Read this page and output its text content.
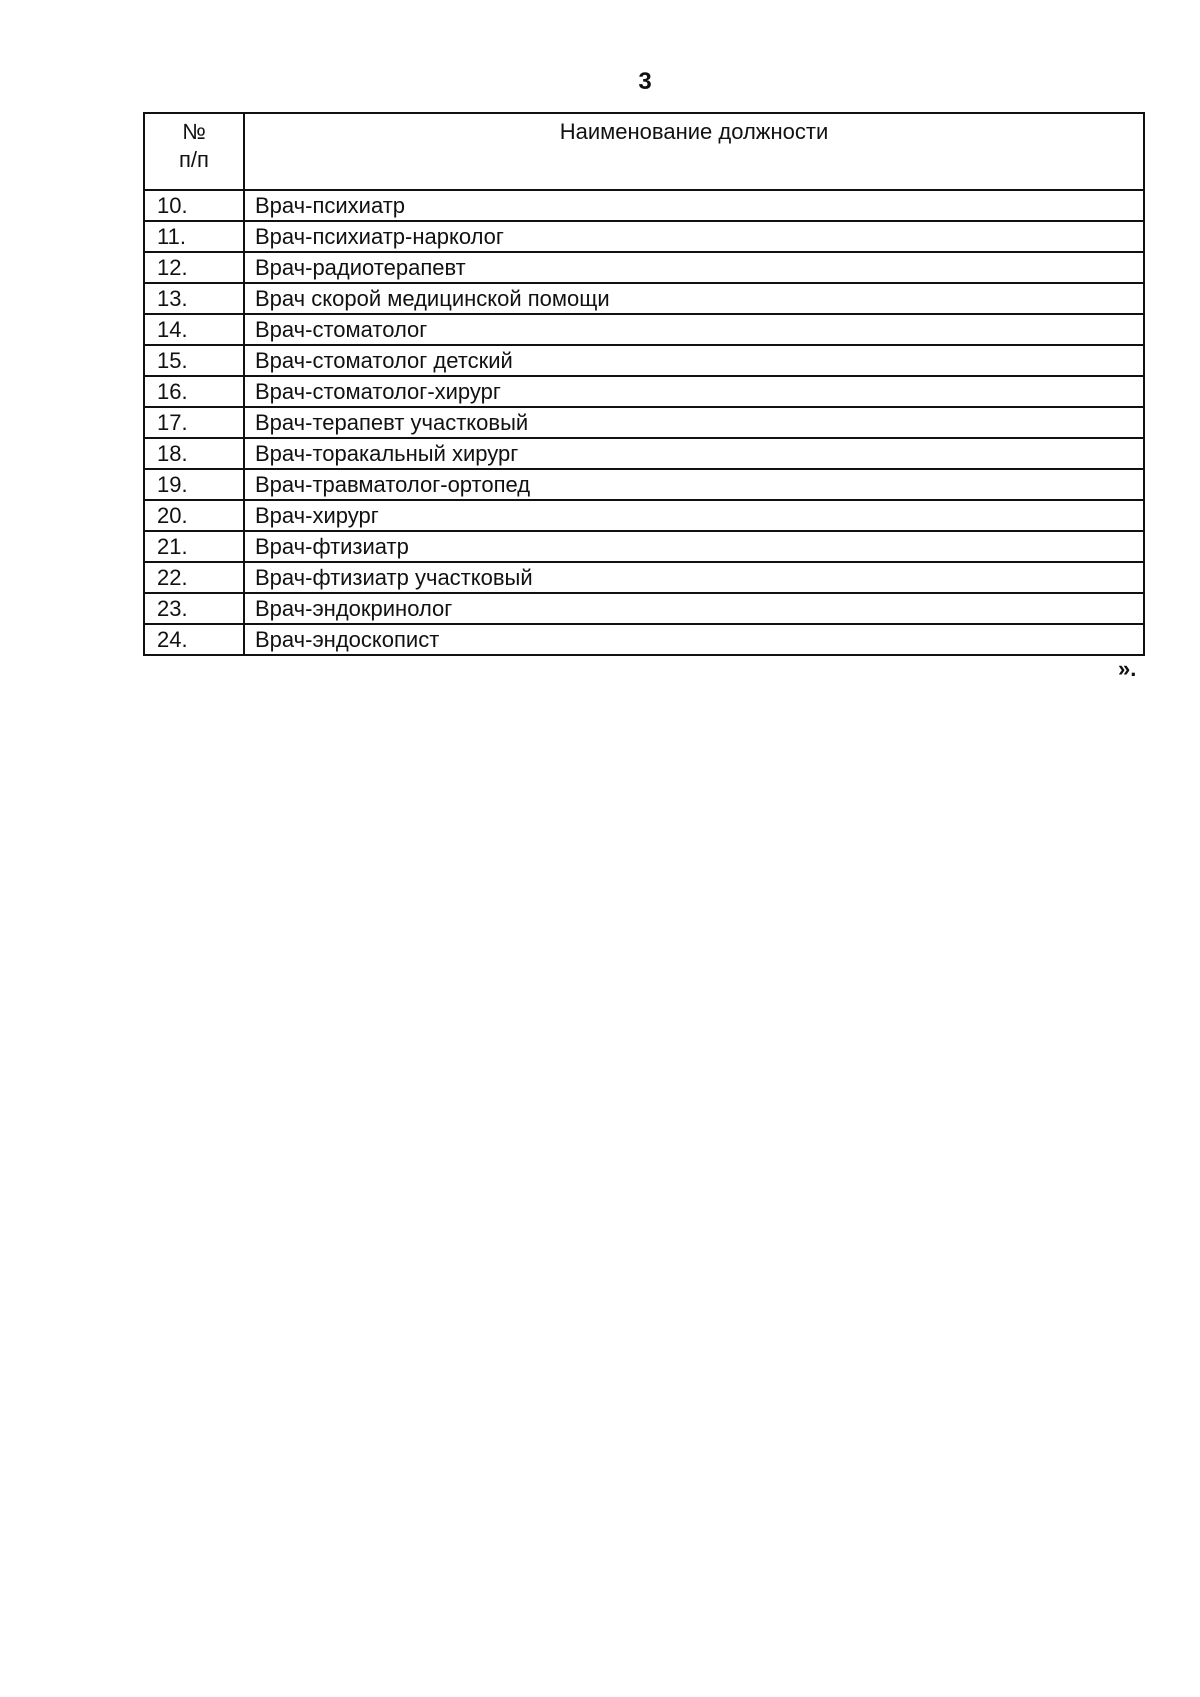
3
№
п/п	Наименование должности
10.	Врач-психиатр
11.	Врач-психиатр-нарколог
12.	Врач-радиотерапевт
13.	Врач скорой медицинской помощи
14.	Врач-стоматолог
15.	Врач-стоматолог детский
16.	Врач-стоматолог-хирург
17.	Врач-терапевт участковый
18.	Врач-торакальный хирург
19.	Врач-травматолог-ортопед
20.	Врач-хирург
21.	Врач-фтизиатр
22.	Врач-фтизиатр участковый
23.	Врач-эндокринолог
24.	Врач-эндоскопист
».
